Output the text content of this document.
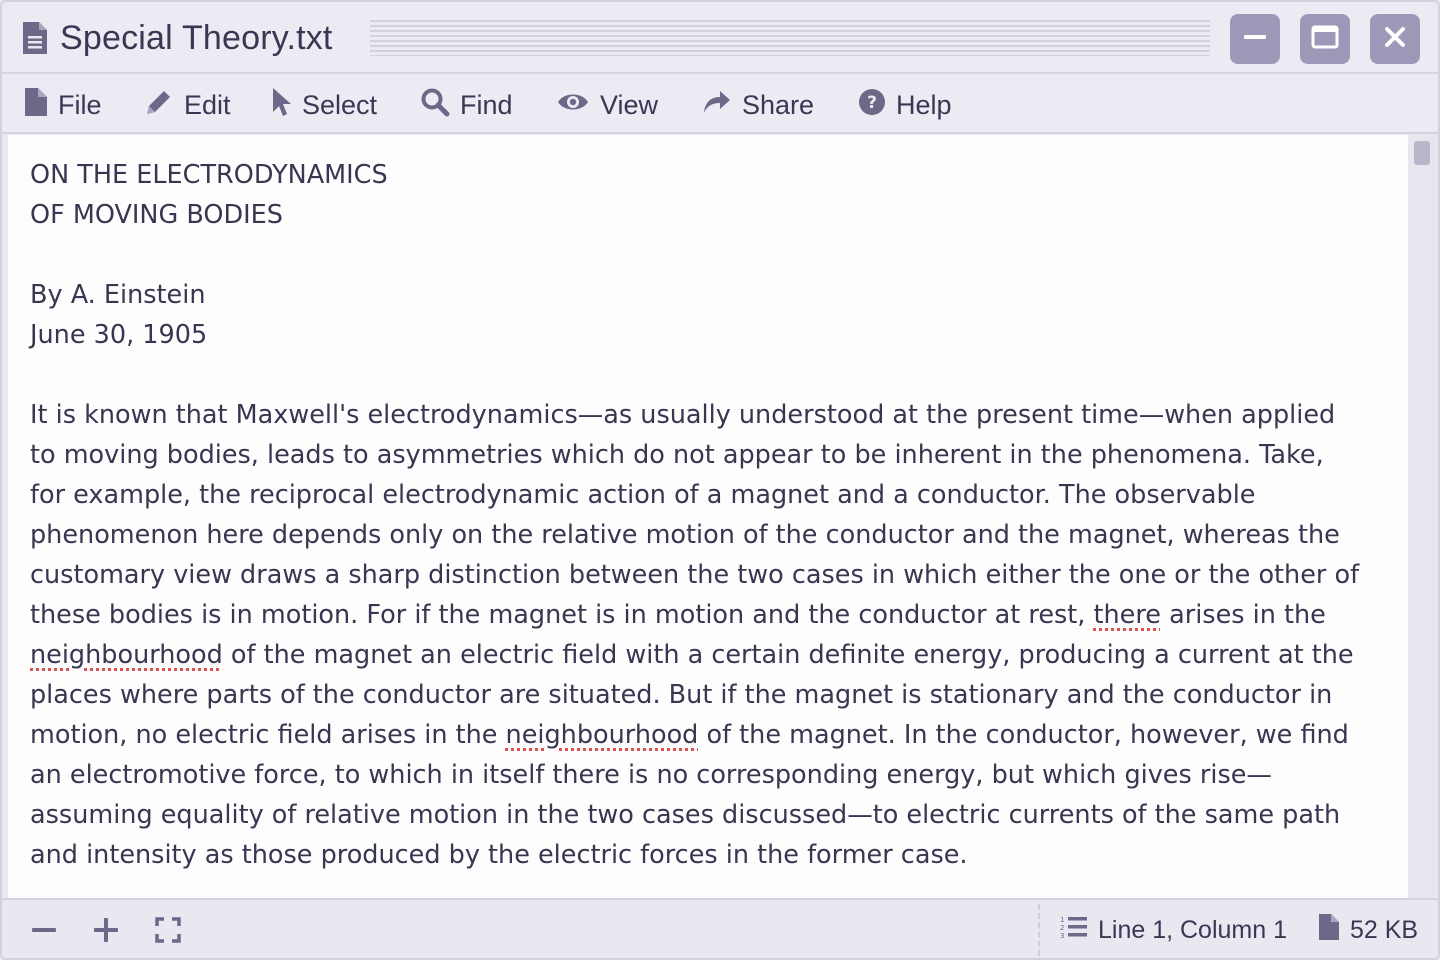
Special Theory.txt
File	Edit	Select	Find	View	Share	? Help
ON THE ELECTRODYNAMICS
OF MOVING BODIES
By A. Einstein
June 30, 1905
It is known that Maxwell's electrodynamics—as usually understood at the present time—when applied
to moving bodies, leads to asymmetries which do not appear to be inherent in the phenomena. Take,
for example, the reciprocal electrodynamic action of a magnet and a conductor. The observable
phenomenon here depends only on the relative motion of the conductor and the magnet, whereas the
customary view draws a sharp distinction between the two cases in which either the one or the other of
these bodies is in motion. For if the magnet is in motion and the conductor at rest, there arises in the
neighbourhood of the magnet an electric field with a certain definite energy, producing a current at the
places where parts of the conductor are situated. But if the magnet is stationary and the conductor in
motion, no electric field arises in the neighbourhood of the magnet. In the conductor, however, we find
an electromotive force, to which in itself there is no corresponding energy, but which gives rise—
assuming equality of relative motion in the two cases discussed—to electric currents of the same path
and intensity as those produced by the electric forces in the former case.
1
2
3 Line 1, Column 1	52 KB
